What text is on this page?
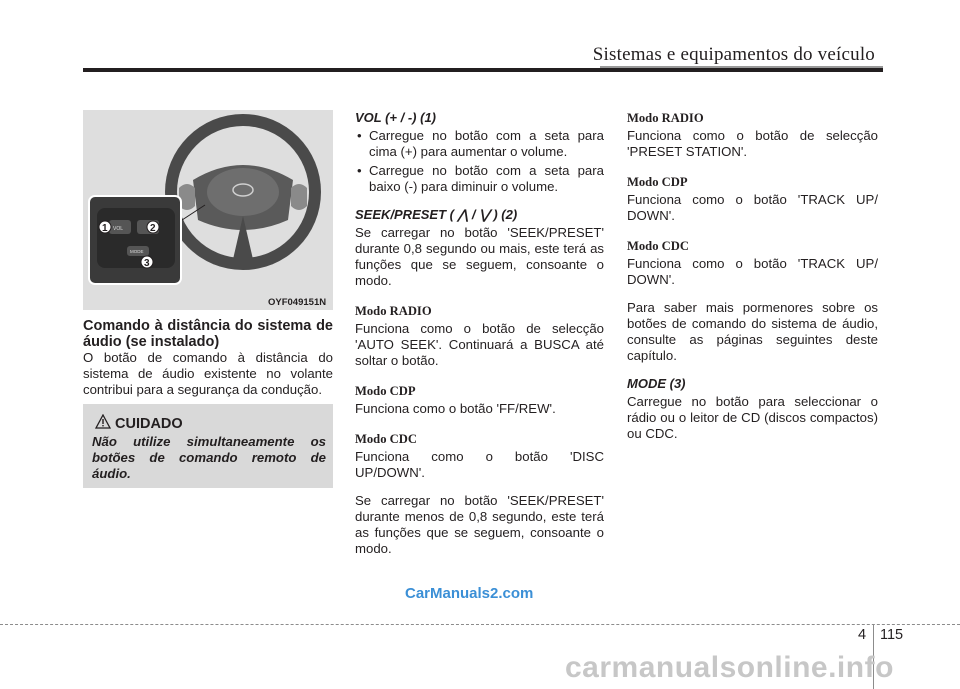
Sistemas e equipamentos do veículo
VOL
MODE
1	2
3
OYF049151N
Comando à distância do sistema de áudio (se instalado)
O botão de comando à distância do sistema de áudio existente no volante contribui para a segurança da condução.
CUIDADO
Não utilize simultaneamente os botões de comando remoto de áudio.
VOL (+ / -) (1)
• Carregue no botão com a seta para cima (+) para aumentar o volume.
• Carregue no botão com a seta para baixo (-) para diminuir o volume.
SEEK/PRESET ( ⋀ / ⋁ ) (2)

Se carregar no botão 'SEEK/PRESET' durante 0,8 segundo ou mais, este terá as funções que se seguem, consoante o modo.

Modo RADIO

Funciona como o botão de selecção 'AUTO SEEK'. Continuará a BUSCA até soltar o botão.

Modo CDP

Funciona como o botão 'FF/REW'.

Modo CDC

Funciona como o botão 'DISC UP/DOWN'.

Se carregar no botão 'SEEK/PRESET' durante menos de 0,8 segundo, este terá as funções que se seguem, consoante o modo.

Modo RADIO

Funciona como o botão de selecção 'PRESET STATION'.

Modo CDP

Funciona como o botão 'TRACK UP/ DOWN'.

Modo CDC

Funciona como o botão 'TRACK UP/ DOWN'.

Para saber mais pormenores sobre os botões de comando do sistema de áudio, consulte as páginas seguintes deste capítulo.

MODE (3)

Carregue no botão para seleccionar o rádio ou o leitor de CD (discos compactos) ou CDC.

CarManuals2.com
4 115
carmanualsonline.info
